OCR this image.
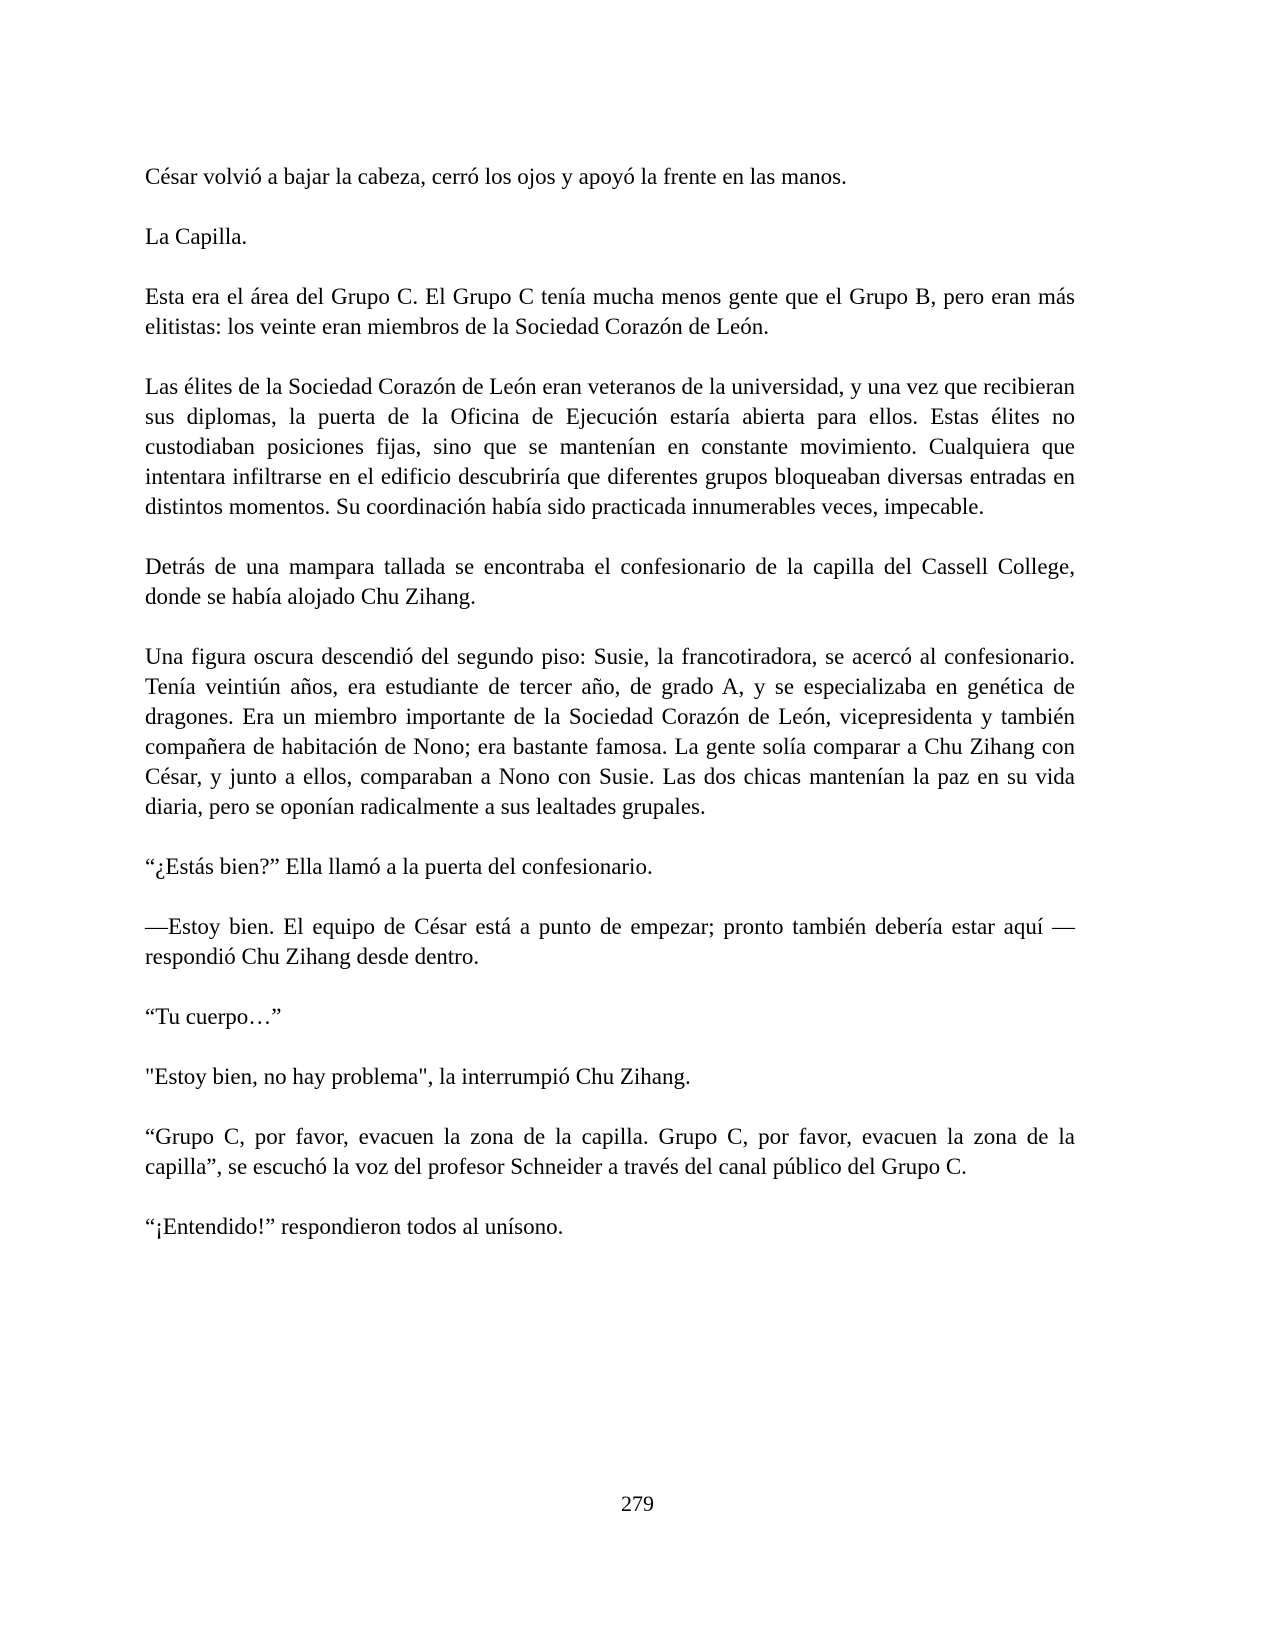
César volvió a bajar la cabeza, cerró los ojos y apoyó la frente en las manos.

La Capilla.

Esta era el área del Grupo C. El Grupo C tenía mucha menos gente que el Grupo B, pero eran más elitistas: los veinte eran miembros de la Sociedad Corazón de León.

Las élites de la Sociedad Corazón de León eran veteranos de la universidad, y una vez que recibieran sus diplomas, la puerta de la Oficina de Ejecución estaría abierta para ellos. Estas élites no custodiaban posiciones fijas, sino que se mantenían en constante movimiento. Cualquiera que intentara infiltrarse en el edificio descubriría que diferentes grupos bloqueaban diversas entradas en distintos momentos. Su coordinación había sido practicada innumerables veces, impecable.

Detrás de una mampara tallada se encontraba el confesionario de la capilla del Cassell College, donde se había alojado Chu Zihang.

Una figura oscura descendió del segundo piso: Susie, la francotiradora, se acercó al confesionario. Tenía veintiún años, era estudiante de tercer año, de grado A, y se especializaba en genética de dragones. Era un miembro importante de la Sociedad Corazón de León, vicepresidenta y también compañera de habitación de Nono; era bastante famosa. La gente solía comparar a Chu Zihang con César, y junto a ellos, comparaban a Nono con Susie. Las dos chicas mantenían la paz en su vida diaria, pero se oponían radicalmente a sus lealtades grupales.

“¿Estás bien?” Ella llamó a la puerta del confesionario.

—Estoy bien. El equipo de César está a punto de empezar; pronto también debería estar aquí — respondió Chu Zihang desde dentro.

“Tu cuerpo…”

"Estoy bien, no hay problema", la interrumpió Chu Zihang.

“Grupo C, por favor, evacuen la zona de la capilla. Grupo C, por favor, evacuen la zona de la capilla”, se escuchó la voz del profesor Schneider a través del canal público del Grupo C.

“¡Entendido!” respondieron todos al unísono.

279
